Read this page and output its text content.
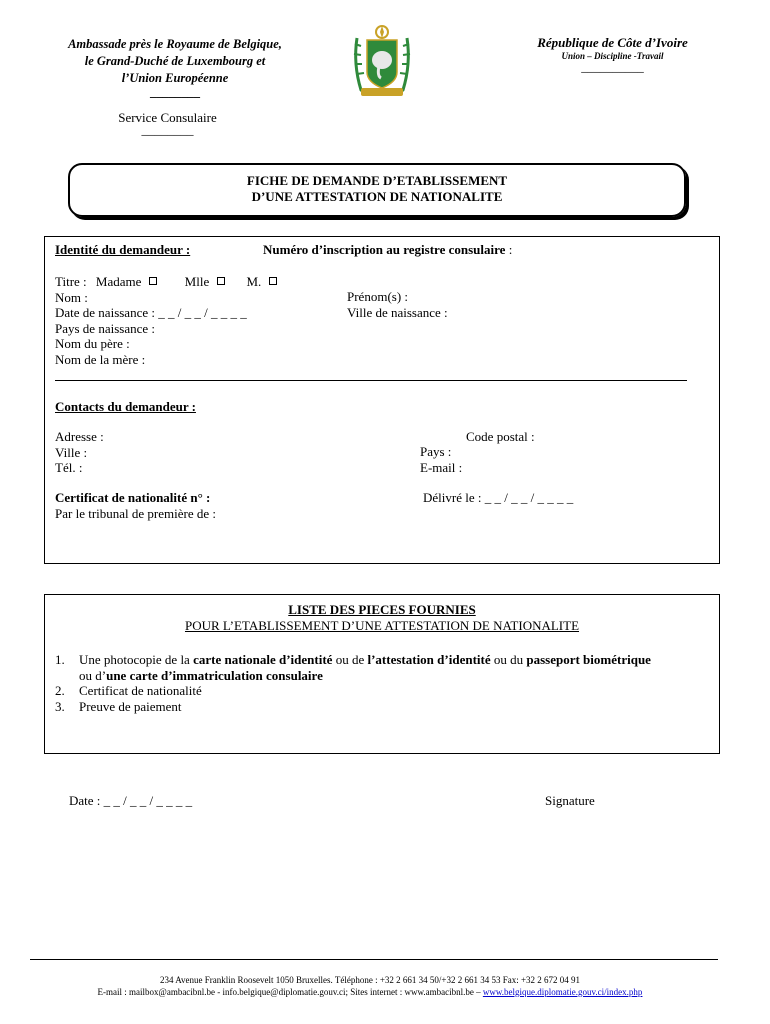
Ambassade près le Royaume de Belgique,
le Grand-Duché de Luxembourg et
l’Union Européenne
________
Service Consulaire
________
République de Côte d’Ivoire
Union – Discipline -Travail
__________
FICHE DE DEMANDE D’ETABLISSEMENT
D’UNE ATTESTATION DE NATIONALITE
Identité du demandeur :	Numéro d’inscription au registre consulaire :
Titre : Madame	Mlle	M.
Nom :
Date de naissance : _ _ / _ _ / _ _ _ _
Pays de naissance :
Nom du père :
Nom de la mère :
Prénom(s) :
Ville de naissance :
Contacts du demandeur :
Adresse :
Ville :
Tél. :
Code postal :
Pays :
E-mail :
Certificat de nationalité n° :	Délivré le : _ _ / _ _ / _ _ _ _
Par le tribunal de première de :
LISTE DES PIECES FOURNIES
POUR L’ETABLISSEMENT D’UNE ATTESTATION DE NATIONALITE
1. Une photocopie de la carte nationale d’identité ou de l’attestation d’identité ou du passeport biométrique
ou d’une carte d’immatriculation consulaire
2. Certificat de nationalité
3. Preuve de paiement
Date : _ _ / _ _ / _ _ _ _	Signature
234 Avenue Franklin Roosevelt 1050 Bruxelles. Téléphone : +32 2 661 34 50/+32 2 661 34 53 Fax: +32 2 672 04 91
E-mail : mailbox@ambacibnl.be - info.belgique@diplomatie.gouv.ci; Sites internet : www.ambacibnl.be – www.belgique.diplomatie.gouv.ci/index.php
